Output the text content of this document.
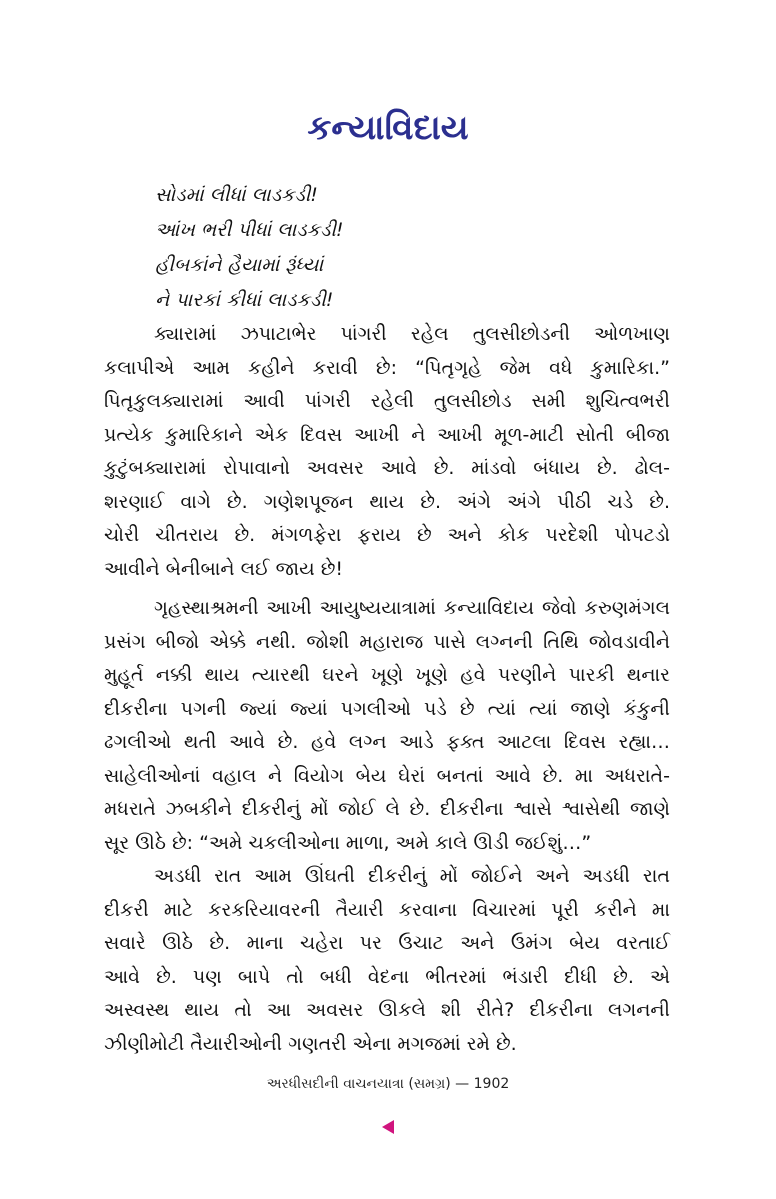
કન્યાવિદાય
સોડમાં લીધાં લાડકડી!
આંખ ભરી પીધાં લાડકડી!
હીબકાંને હૈયામાં રૂંધ્યાં
ને પારકાં કીધાં લાડકડી!
ક્યારામાં ઝપાટાભેર પાંગરી રહેલ તુલસીછોડની ઓળખાણ
કલાપીએ આમ કહીને કરાવી છે: “પિતૃગૃહે જેમ વધે કુમારિકા.”
પિતૃકુલક્યારામાં આવી પાંગરી રહેલી તુલસીછોડ સમી શુચિત્વભરી
પ્રત્યેક કુમારિકાને એક દિવસ આખી ને આખી મૂળ-માટી સોતી બીજા
કુટુંબક્યારામાં રોપાવાનો અવસર આવે છે. માંડવો બંધાય છે. ઢોલ-
શરણાઈ વાગે છે. ગણેશપૂજન થાય છે. અંગે અંગે પીઠી ચડે છે.
ચોરી ચીતરાય છે. મંગળફેરા ફરાય છે અને કોક પરદેશી પોપટડો
આવીને બેનીબાને લઈ જાય છે!
ગૃહસ્થાશ્રમની આખી આયુષ્યયાત્રામાં કન્યાવિદાય જેવો કરુણમંગલ
પ્રસંગ બીજો એક્કે નથી. જોશી મહારાજ પાસે લગ્નની તિથિ જોવડાવીને
મુહૂર્ત નક્કી થાય ત્યારથી ઘરને ખૂણે ખૂણે હવે પરણીને પારકી થનાર
દીકરીના પગની જ્યાં જ્યાં પગલીઓ પડે છે ત્યાં ત્યાં જાણે કંકુની
ઢગલીઓ થતી આવે છે. હવે લગ્ન આડે ફક્ત આટલા દિવસ રહ્યા…
સાહેલીઓનાં વહાલ ને વિયોગ બેય ઘેરાં બનતાં આવે છે. મા અધરાતે-
મધરાતે ઝબકીને દીકરીનું મોં જોઈ લે છે. દીકરીના શ્વાસે શ્વાસેથી જાણે
સૂર ઊઠે છે: “અમે ચકલીઓના માળા, અમે કાલે ઊડી જઈશું…”
અડધી રાત આમ ઊંઘતી દીકરીનું મોં જોઈને અને અડધી રાત
દીકરી માટે કરકરિયાવરની તૈયારી કરવાના વિચારમાં પૂરી કરીને મા
સવારે ઊઠે છે. માના ચહેરા પર ઉચાટ અને ઉમંગ બેય વરતાઈ
આવે છે. પણ બાપે તો બધી વેદના ભીતરમાં ભંડારી દીધી છે. એ
અસ્વસ્થ થાય તો આ અવસર ઊકલે શી રીતે? દીકરીના લગનની
ઝીણીમોટી તૈયારીઓની ગણતરી એના મગજમાં રમે છે.
અરધીસદીની વાચનયાત્રા (સમગ્ર) — 1902
